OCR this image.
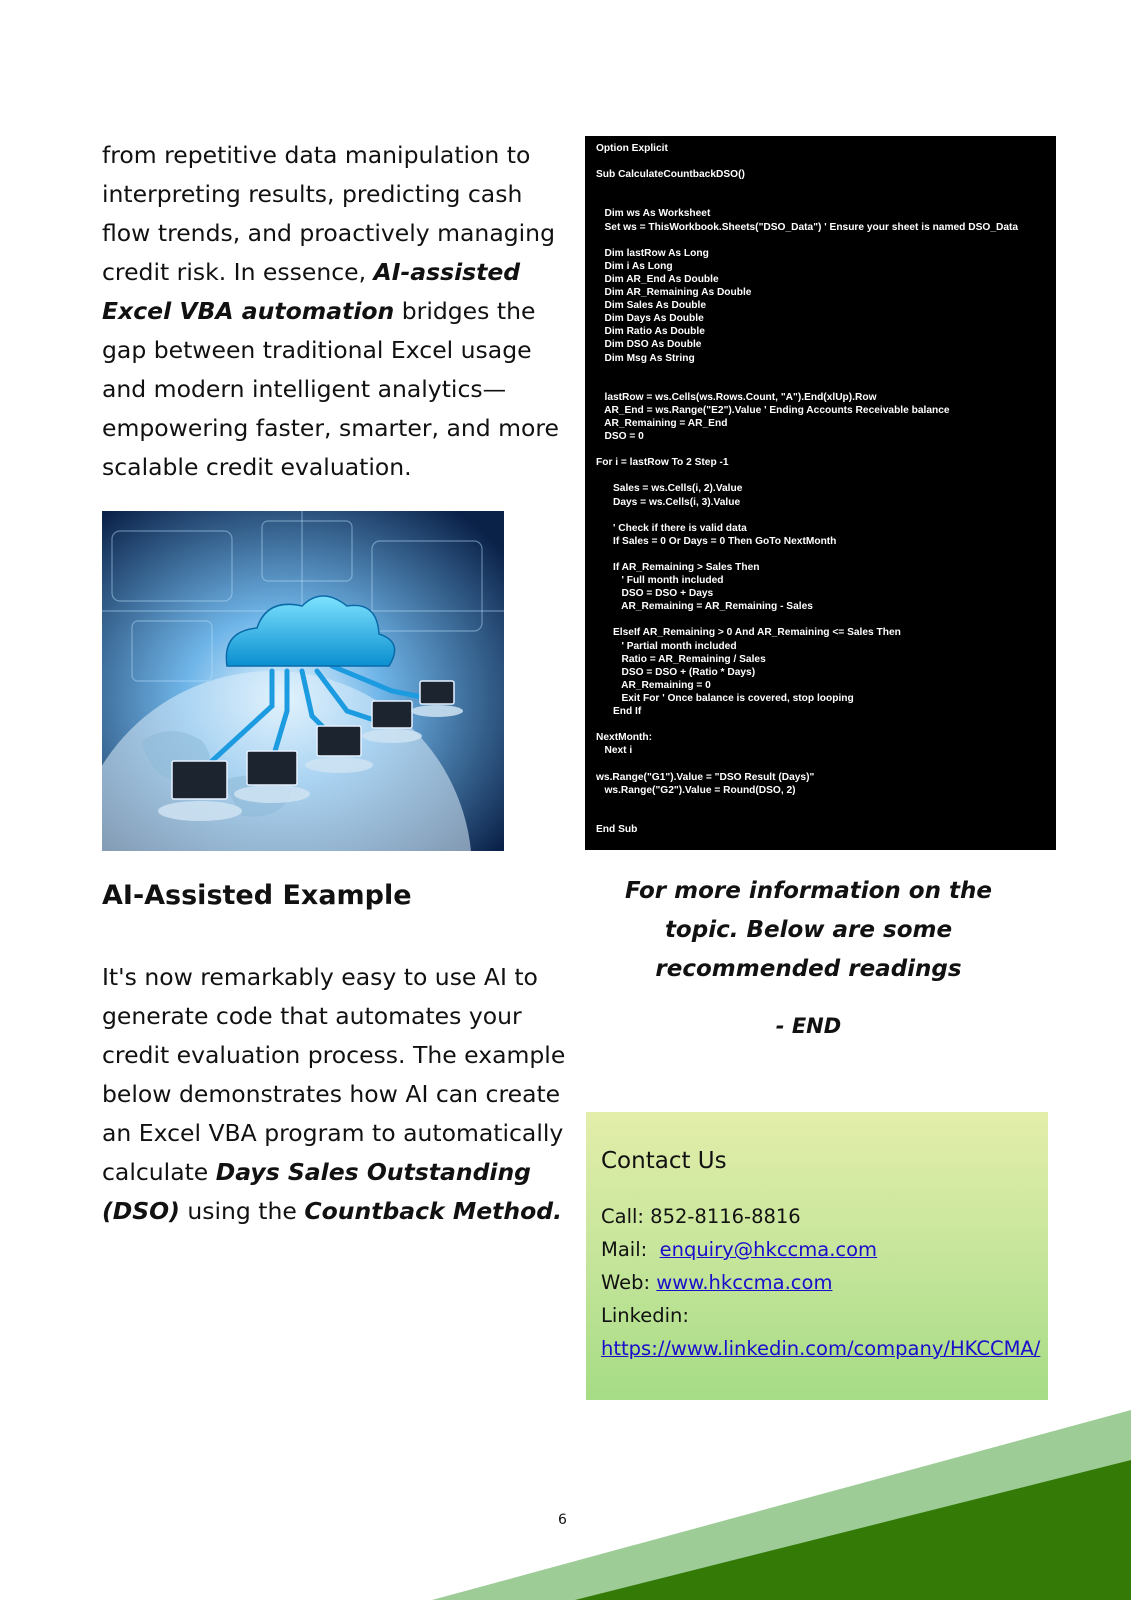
from repetitive data manipulation to interpreting results, predicting cash flow trends, and proactively managing credit risk. In essence, AI-assisted Excel VBA automation bridges the gap between traditional Excel usage and modern intelligent analytics—empowering faster, smarter, and more scalable credit evaluation.

AI-Assisted Example

It's now remarkably easy to use AI to generate code that automates your credit evaluation process. The example below demonstrates how AI can create an Excel VBA program to automatically calculate Days Sales Outstanding (DSO) using the Countback Method.

Option Explicit

Sub CalculateCountbackDSO()

Dim ws As Worksheet
Set ws = ThisWorkbook.Sheets("DSO_Data") ' Ensure your sheet is named DSO_Data

Dim lastRow As Long
Dim i As Long
Dim AR_End As Double
Dim AR_Remaining As Double
Dim Sales As Double
Dim Days As Double
Dim Ratio As Double
Dim DSO As Double
Dim Msg As String

lastRow = ws.Cells(ws.Rows.Count, "A").End(xlUp).Row
AR_End = ws.Range("E2").Value ' Ending Accounts Receivable balance
AR_Remaining = AR_End
DSO = 0

For i = lastRow To 2 Step -1

Sales = ws.Cells(i, 2).Value
Days = ws.Cells(i, 3).Value

' Check if there is valid data
If Sales = 0 Or Days = 0 Then GoTo NextMonth

If AR_Remaining > Sales Then
' Full month included
DSO = DSO + Days
AR_Remaining = AR_Remaining - Sales

ElseIf AR_Remaining > 0 And AR_Remaining <= Sales Then
' Partial month included
Ratio = AR_Remaining / Sales
DSO = DSO + (Ratio * Days)
AR_Remaining = 0
Exit For ' Once balance is covered, stop looping
End If

NextMonth:
Next i

ws.Range("G1").Value = "DSO Result (Days)"
ws.Range("G2").Value = Round(DSO, 2)

End Sub
For more information on the topic. Below are some recommended readings
- END

Contact Us

Call: 852-8116-8816

Mail: enquiry@hkccma.com

Web: www.hkccma.com

Linkedin:

https://www.linkedin.com/company/HKCCMA/

6
